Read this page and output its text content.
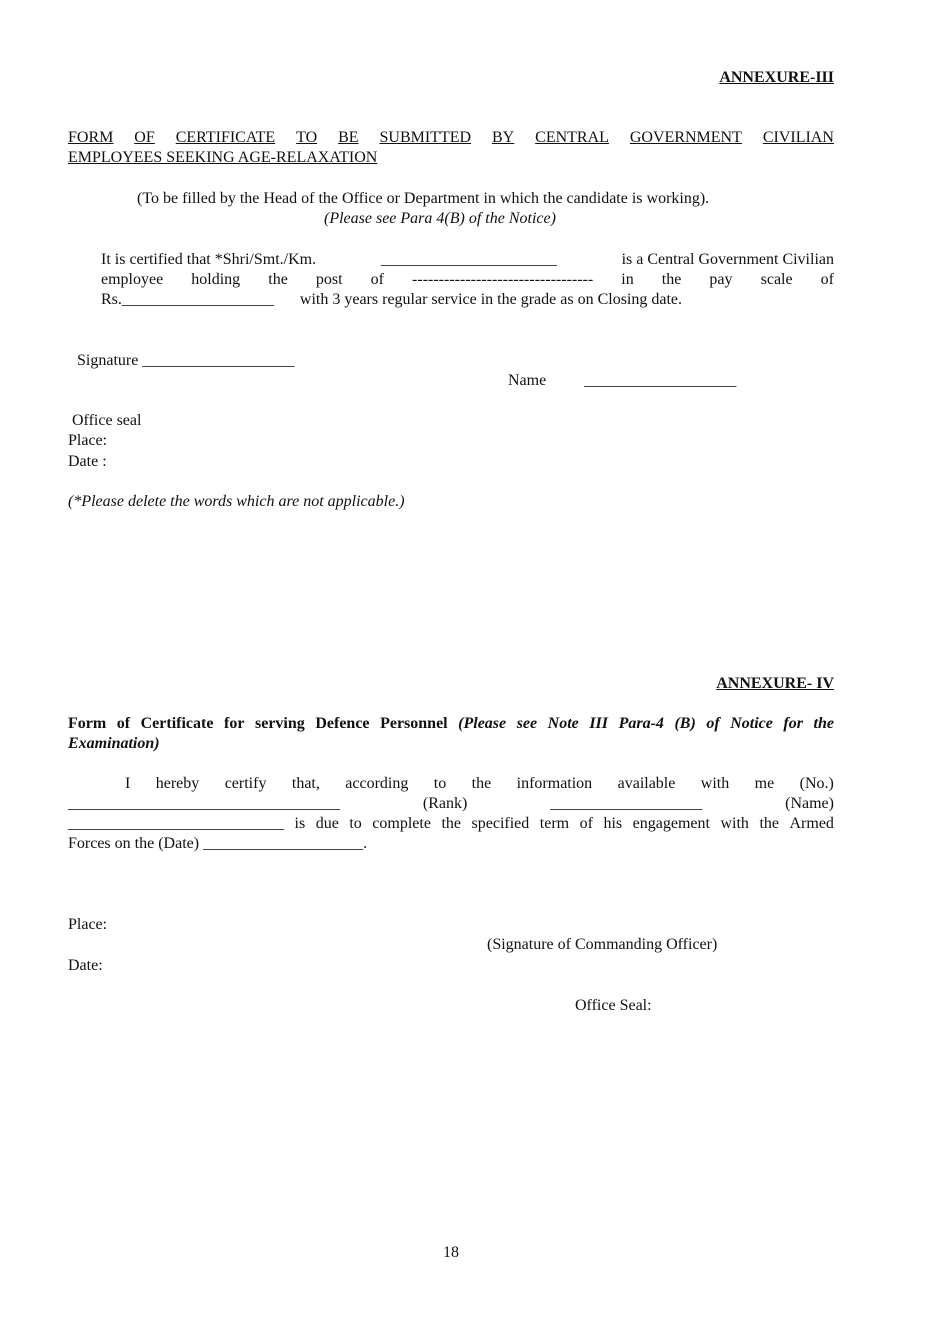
ANNEXURE-III
FORM OF CERTIFICATE TO BE SUBMITTED BY CENTRAL GOVERNMENT CIVILIAN
EMPLOYEES SEEKING AGE-RELAXATION
(To be filled by the Head of the Office or Department in which the candidate is working).
(Please see Para 4(B) of the Notice)
It is certified that *Shri/Smt./Km.	______________________	is a Central Government Civilian
employee holding the post of ---------------------------------- in the pay scale of
Rs.___________________ with 3 years regular service in the grade as on Closing date.
Signature ___________________
Name ___________________
Office seal
Place:
Date :
(*Please delete the words which are not applicable.)
ANNEXURE- IV
Form of Certificate for serving Defence Personnel (Please see Note III Para-4 (B) of Notice for the
Examination)
I hereby certify that, according to the information available with me (No.)
__________________________________	(Rank)	___________________	(Name)
___________________________ is due to complete the specified term of his engagement with the Armed
Forces on the (Date) ____________________.
Place:
(Signature of Commanding Officer)
Date:
Office Seal:
18
